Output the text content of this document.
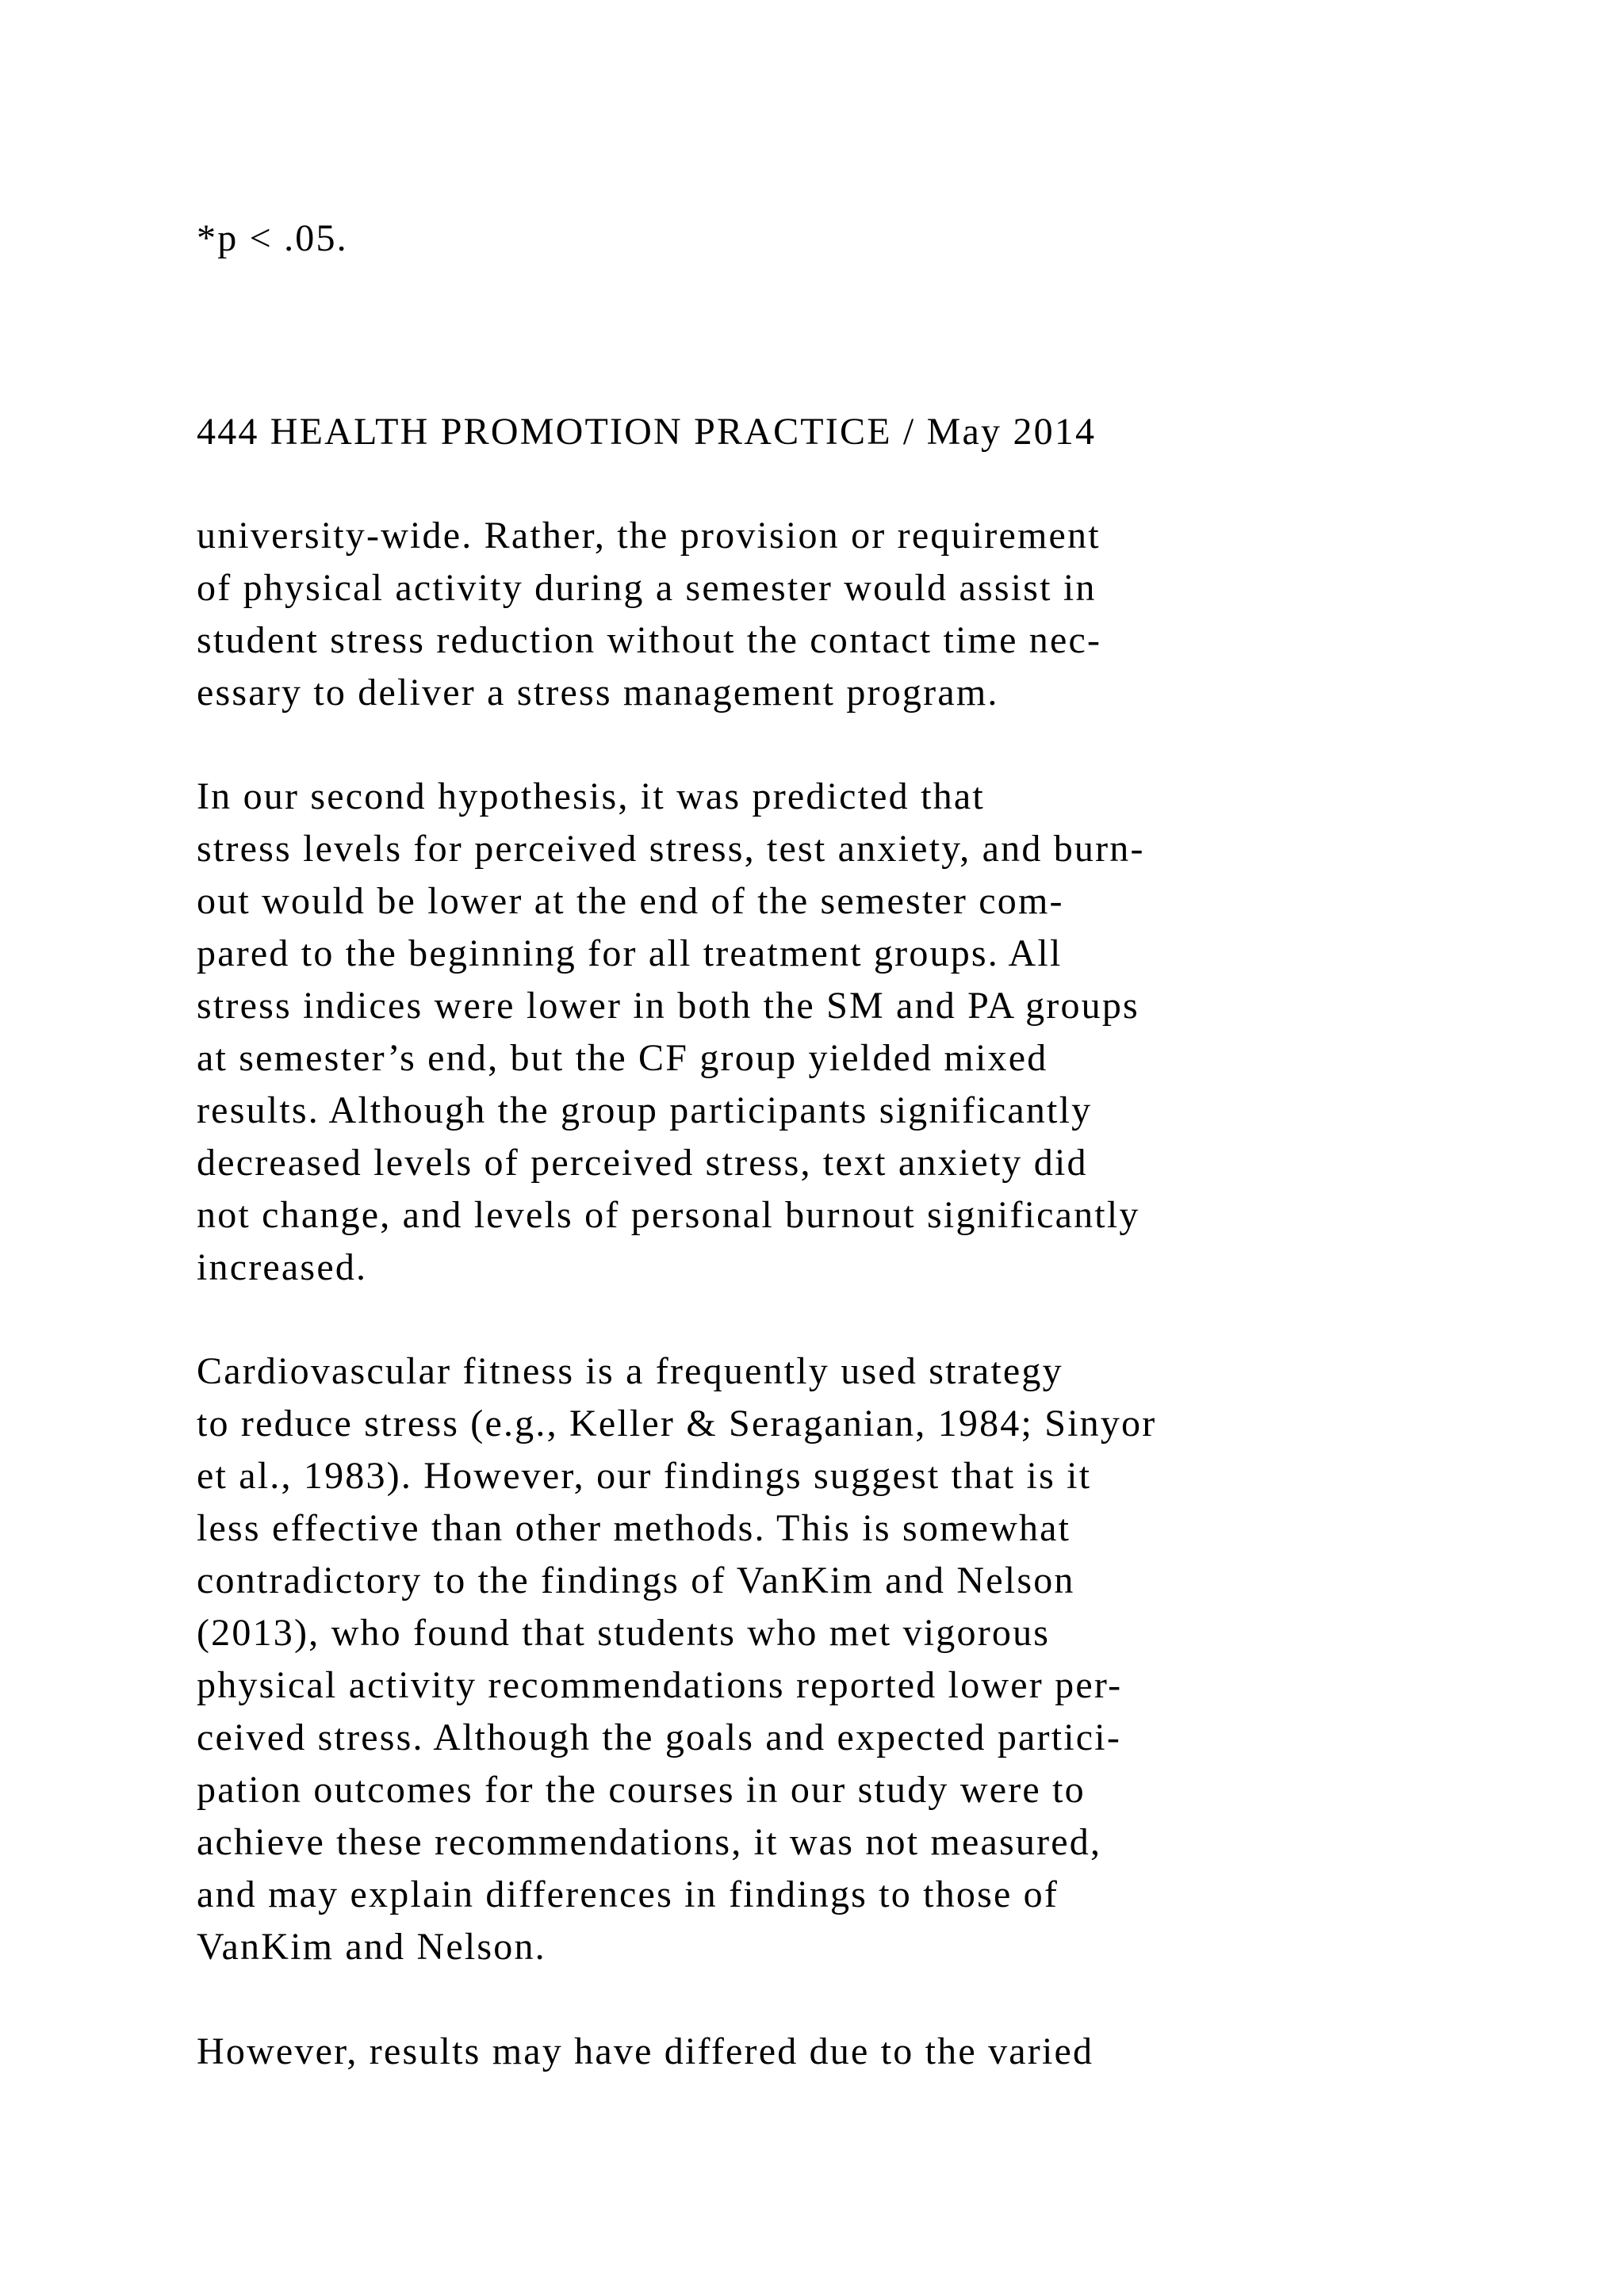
*p < .05.
444 HEALTH PROMOTION PRACTICE / May 2014
university-wide. Rather, the provision or requirement
of physical activity during a semester would assist in
student stress reduction without the contact time nec-
essary to deliver a stress management program.
In our second hypothesis, it was predicted that
stress levels for perceived stress, test anxiety, and burn-
out would be lower at the end of the semester com-
pared to the beginning for all treatment groups. All
stress indices were lower in both the SM and PA groups
at semester’s end, but the CF group yielded mixed
results. Although the group participants significantly
decreased levels of perceived stress, text anxiety did
not change, and levels of personal burnout significantly
increased.
Cardiovascular fitness is a frequently used strategy
to reduce stress (e.g., Keller & Seraganian, 1984; Sinyor
et al., 1983). However, our findings suggest that is it
less effective than other methods. This is somewhat
contradictory to the findings of VanKim and Nelson
(2013), who found that students who met vigorous
physical activity recommendations reported lower per-
ceived stress. Although the goals and expected partici-
pation outcomes for the courses in our study were to
achieve these recommendations, it was not measured,
and may explain differences in findings to those of
VanKim and Nelson.
However, results may have differed due to the varied
